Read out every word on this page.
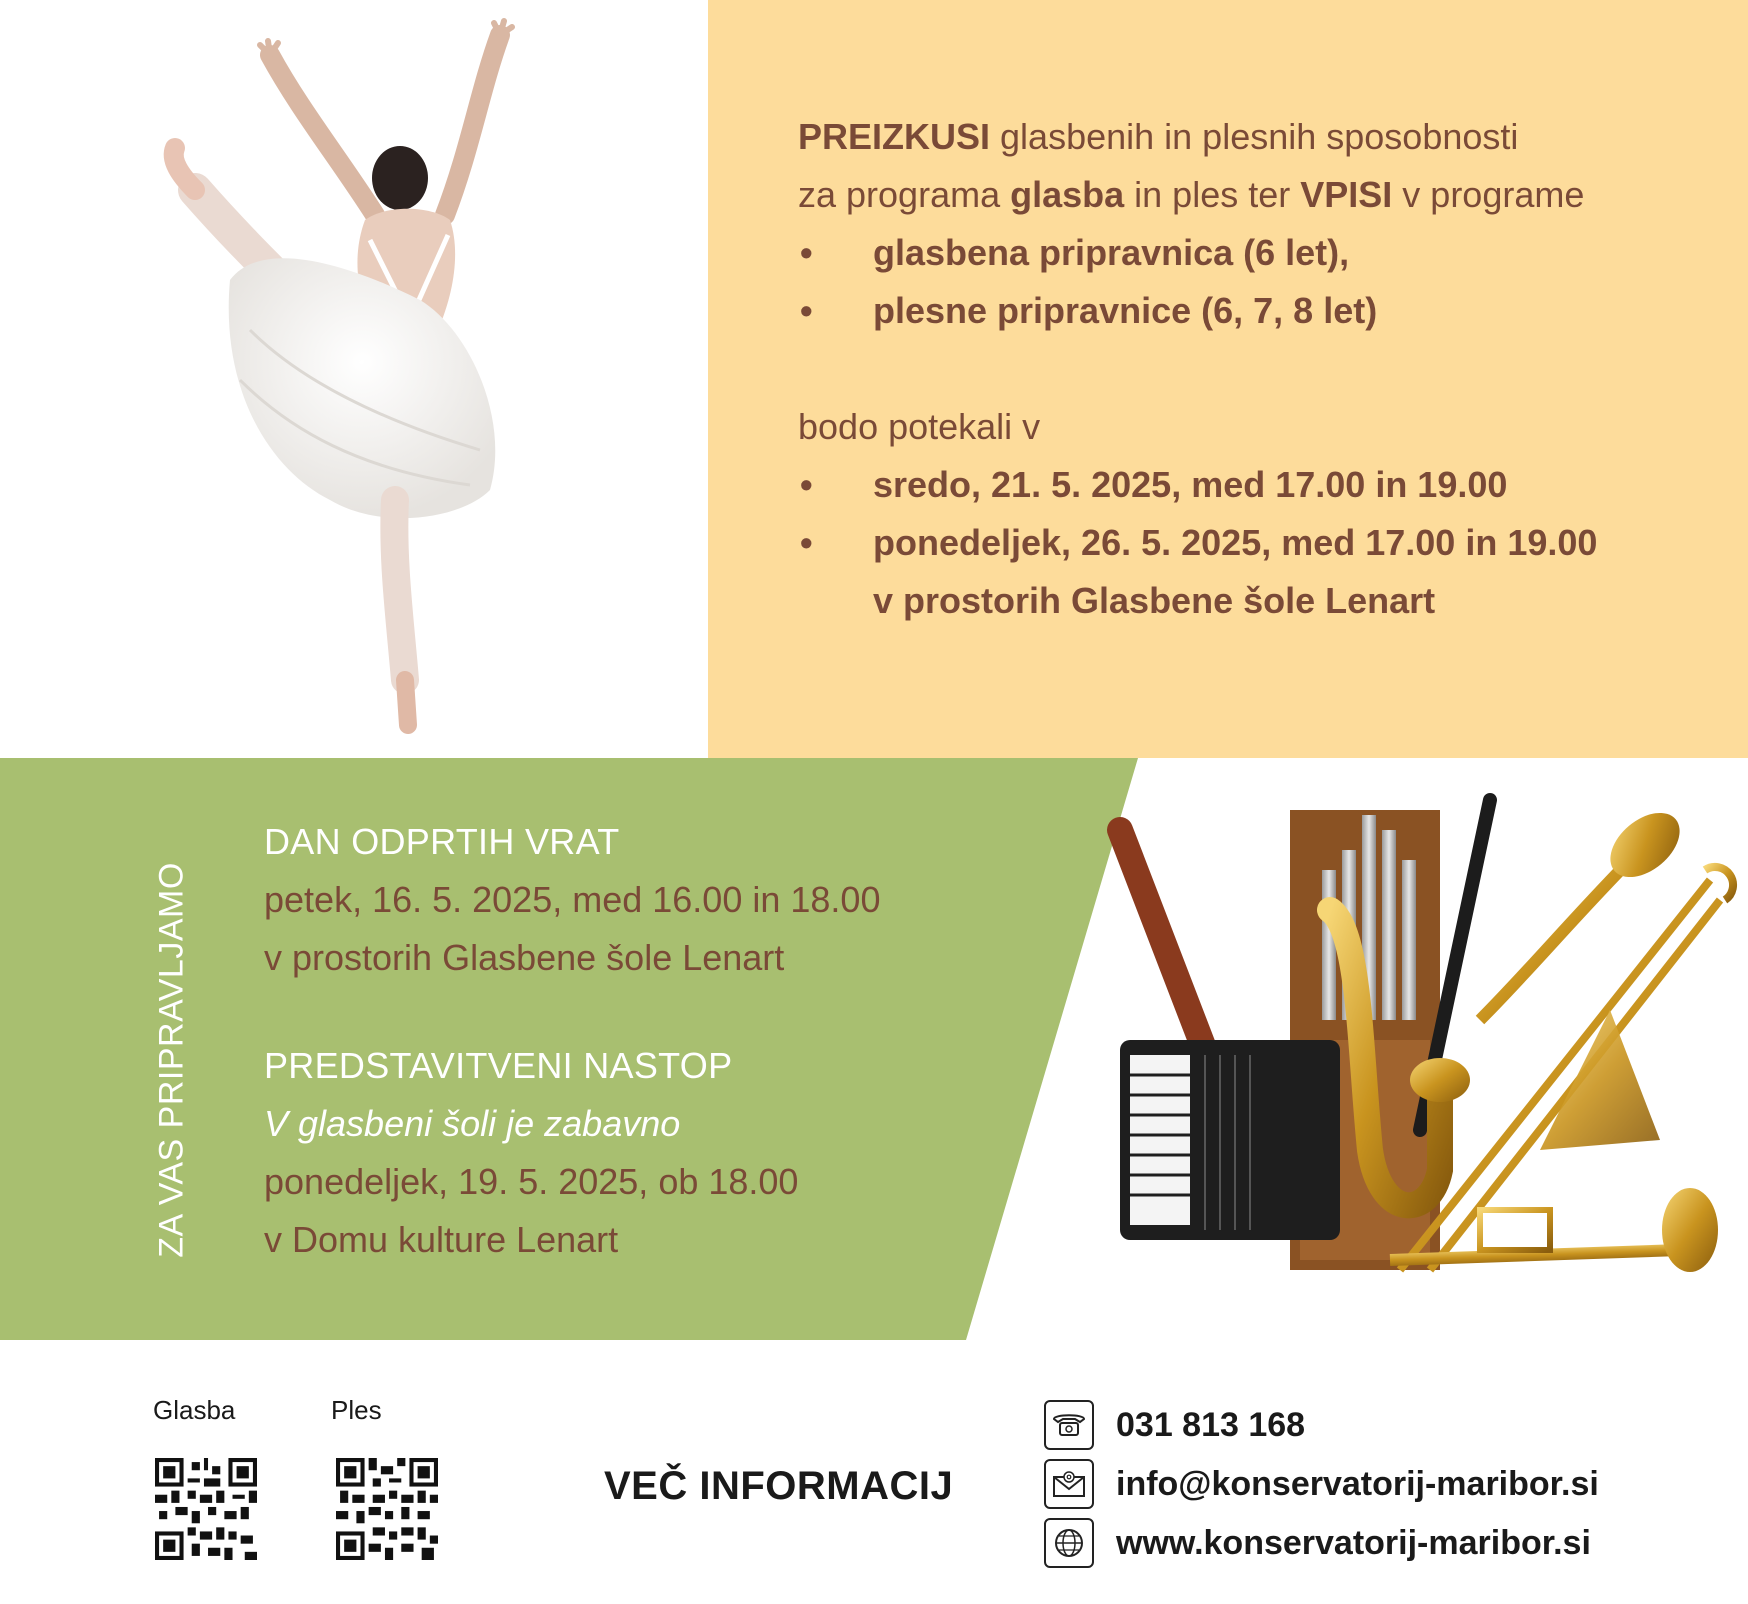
PREIZKUSI glasbenih in plesnih sposobnosti
za programa glasba in ples ter VPISI v programe
•	glasbena pripravnica (6 let),
•	plesne pripravnice (6, 7, 8 let)
bodo potekali v
•	sredo, 21. 5. 2025, med 17.00 in 19.00
•	ponedeljek, 26. 5. 2025, med 17.00 in 19.00
v prostorih Glasbene šole Lenart
ZA VAS PRIPRAVLJAMO
DAN ODPRTIH VRAT
petek, 16. 5. 2025, med 16.00 in 18.00
v prostorih Glasbene šole Lenart
PREDSTAVITVENI NASTOP
V glasbeni šoli je zabavno
ponedeljek, 19. 5. 2025, ob 18.00
v Domu kulture Lenart
Glasba	Ples
VEČ INFORMACIJ
031 813 168
info@konservatorij-maribor.si
www.konservatorij-maribor.si
